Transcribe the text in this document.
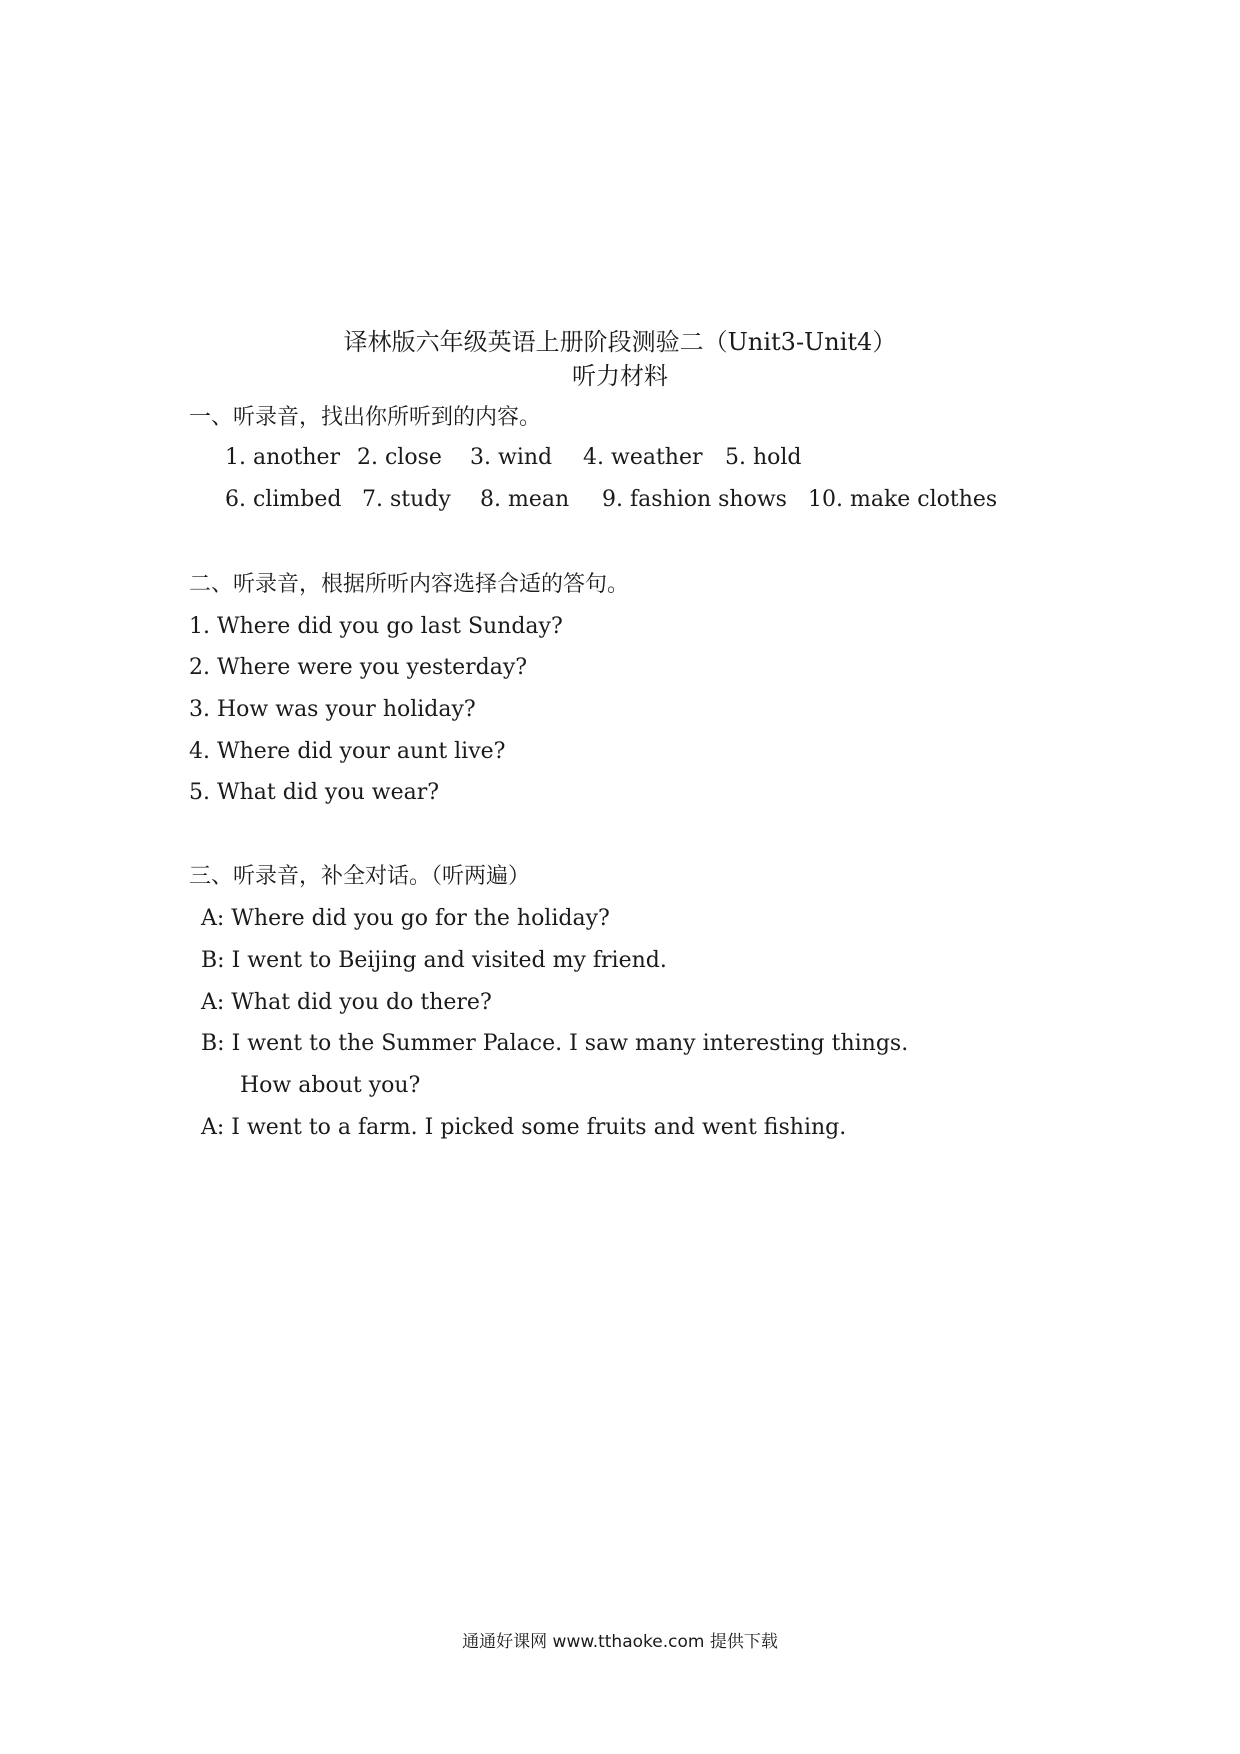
译林版六年级英语上册阶段测验二（Unit3-Unit4）
听力材料
一、听录音，找出你所听到的内容。
1. another 2. close 3. wind 4. weather 5. hold
6. climbed 7. study 8. mean 9. fashion shows 10. make clothes
二、听录音，根据所听内容选择合适的答句。
1. Where did you go last Sunday?
2. Where were you yesterday?
3. How was your holiday?
4. Where did your aunt live?
5. What did you wear?
三、听录音，补全对话。（听两遍）
A: Where did you go for the holiday?
B: I went to Beijing and visited my friend.
A: What did you do there?
B: I went to the Summer Palace. I saw many interesting things.
How about you?
A: I went to a farm. I picked some fruits and went fishing.
通通好课网 www.tthaoke.com 提供下载
